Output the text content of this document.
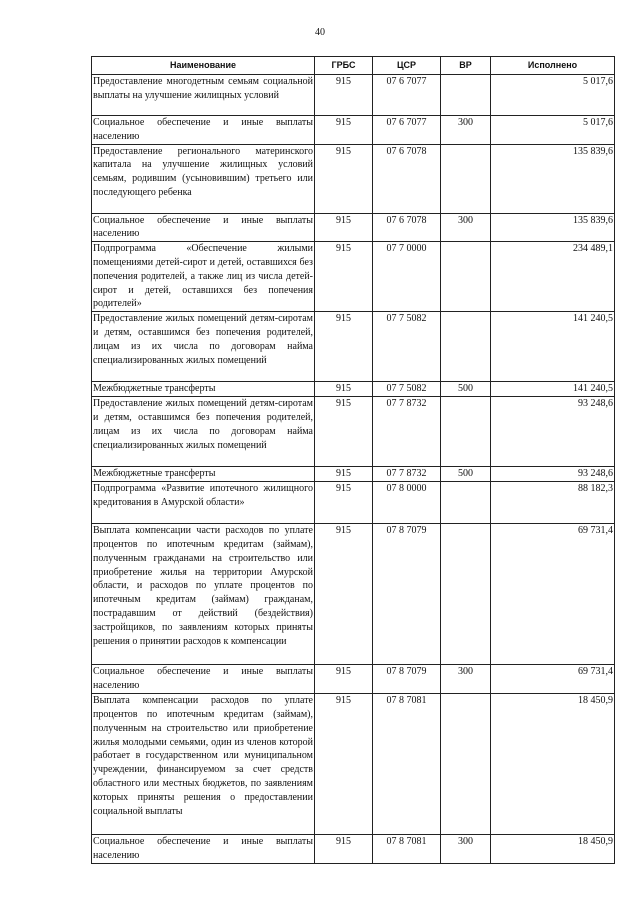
40
Наименование	ГРБС	ЦСР	ВР	Исполнено
Предоставление многодетным семьям социальной выплаты на улучшение жилищных условий	915	07 6 7077		5 017,6
Социальное обеспечение и иные выплаты населению	915	07 6 7077	300	5 017,6
Предоставление регионального материнского капитала на улучшение жилищных условий семьям, родившим (усыновившим) третьего или последующего ребенка	915	07 6 7078		135 839,6
Социальное обеспечение и иные выплаты населению	915	07 6 7078	300	135 839,6
Подпрограмма «Обеспечение жилыми помещениями детей-сирот и детей, оставшихся без попечения родителей, а также лиц из числа детей-сирот и детей, оставшихся без попечения родителей»	915	07 7 0000		234 489,1
Предоставление жилых помещений детям-сиротам и детям, оставшимся без попечения родителей, лицам из их числа по договорам найма специализированных жилых помещений	915	07 7 5082		141 240,5
Межбюджетные трансферты	915	07 7 5082	500	141 240,5
Предоставление жилых помещений детям-сиротам и детям, оставшимся без попечения родителей, лицам из их числа по договорам найма специализированных жилых помещений	915	07 7 8732		93 248,6
Межбюджетные трансферты	915	07 7 8732	500	93 248,6
Подпрограмма «Развитие ипотечного жилищного кредитования в Амурской области»	915	07 8 0000		88 182,3
Выплата компенсации части расходов по уплате процентов по ипотечным кредитам (займам), полученным гражданами на строительство или приобретение жилья на территории Амурской области, и расходов по уплате процентов по ипотечным кредитам (займам) гражданам, пострадавшим от действий (бездействия) застройщиков, по заявлениям которых приняты решения о принятии расходов к компенсации	915	07 8 7079		69 731,4
Социальное обеспечение и иные выплаты населению	915	07 8 7079	300	69 731,4
Выплата компенсации расходов по уплате процентов по ипотечным кредитам (займам), полученным на строительство или приобретение жилья молодыми семьями, один из членов которой работает в государственном или муниципальном учреждении, финансируемом за счет средств областного или местных бюджетов, по заявлениям которых приняты решения о предоставлении социальной выплаты	915	07 8 7081		18 450,9
Социальное обеспечение и иные выплаты населению	915	07 8 7081	300	18 450,9
